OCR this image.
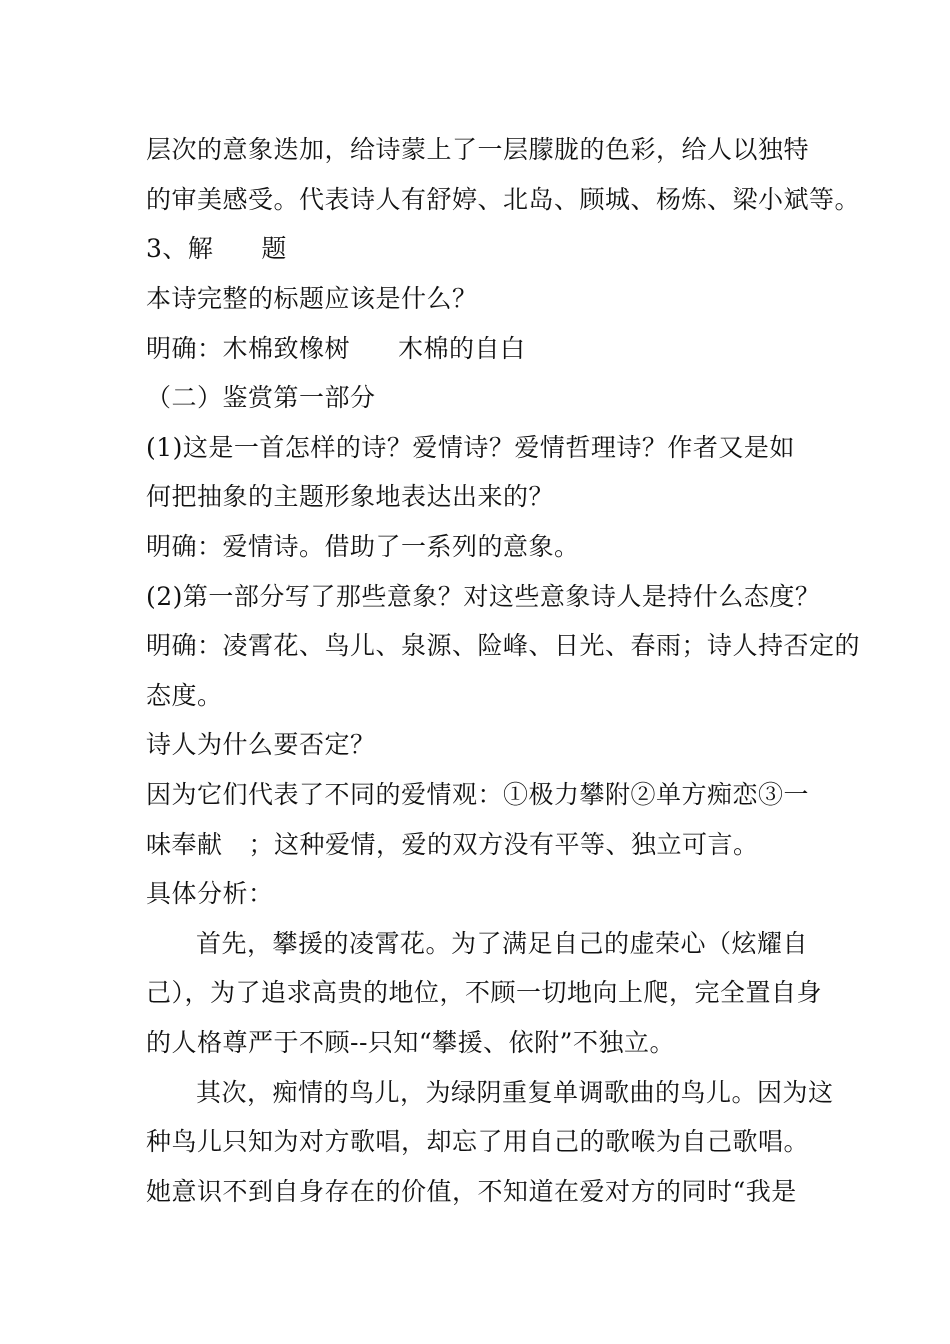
层次的意象迭加，给诗蒙上了一层朦胧的色彩，给人以独特
的审美感受。代表诗人有舒婷、北岛、顾城、杨炼、梁小斌等。
3、解 题
本诗完整的标题应该是什么？
明确：木棉致橡树 木棉的自白
（二）鉴赏第一部分
(1)这是一首怎样的诗？爱情诗？爱情哲理诗？作者又是如
何把抽象的主题形象地表达出来的？
明确：爱情诗。借助了一系列的意象。
(2)第一部分写了那些意象？对这些意象诗人是持什么态度？
明确：凌霄花、鸟儿、泉源、险峰、日光、春雨；诗人持否定的
态度。
诗人为什么要否定？
因为它们代表了不同的爱情观：①极力攀附②单方痴恋③一
味奉献 ；这种爱情，爱的双方没有平等、独立可言。
具体分析：
首先，攀援的凌霄花。为了满足自己的虚荣心（炫耀自
己），为了追求高贵的地位，不顾一切地向上爬，完全置自身
的人格尊严于不顾--只知“攀援、依附”不独立。
其次，痴情的鸟儿，为绿阴重复单调歌曲的鸟儿。因为这
种鸟儿只知为对方歌唱，却忘了用自己的歌喉为自己歌唱。
她意识不到自身存在的价值，不知道在爱对方的同时“我是
